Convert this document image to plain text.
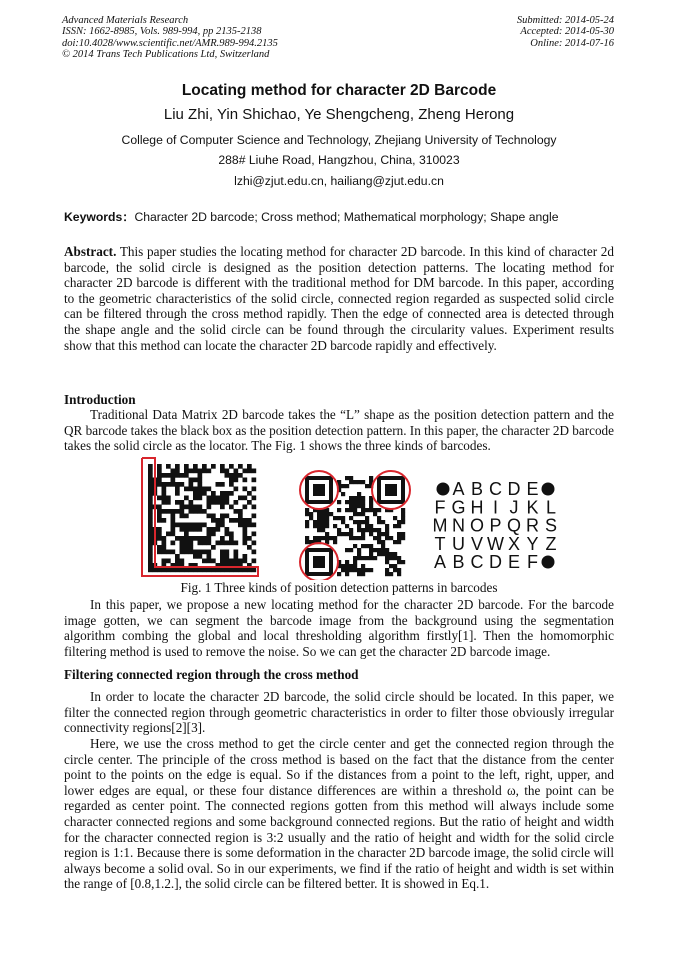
Advanced Materials Research
ISSN: 1662-8985, Vols. 989-994, pp 2135-2138
doi:10.4028/www.scientific.net/AMR.989-994.2135
© 2014 Trans Tech Publications Ltd, Switzerland
Submitted: 2014-05-24
Accepted: 2014-05-30
Online: 2014-07-16
Locating method for character 2D Barcode
Liu Zhi, Yin Shichao, Ye Shengcheng, Zheng Herong
College of Computer Science and Technology, Zhejiang University of Technology
288# Liuhe Road, Hangzhou, China, 310023
lzhi@zjut.edu.cn, hailiang@zjut.edu.cn
Keywords：Character 2D barcode; Cross method; Mathematical morphology; Shape angle

Abstract. This paper studies the locating method for character 2D barcode. In this kind of character 2d barcode, the solid circle is designed as the position detection patterns. The locating method for character 2D barcode is different with the traditional method for DM barcode. In this paper, according to the geometric characteristics of the solid circle, connected region regarded as suspected solid circle can be filtered through the cross method rapidly. Then the edge of connected area is detected through the shape angle and the solid circle can be found through the circularity values. Experiment results show that this method can locate the character 2D barcode rapidly and effectively.

Introduction

Traditional Data Matrix 2D barcode takes the “L” shape as the position detection pattern and the QR barcode takes the black box as the position detection pattern. In this paper, the character 2D barcode takes the solid circle as the locator. The Fig. 1 shows the three kinds of barcodes.

A B C D E
F G H I J K L
M N O P Q R S
T U V W X Y Z
A B C D E F
Fig. 1 Three kinds of position detection patterns in barcodes

In this paper, we propose a new locating method for the character 2D barcode. For the barcode image gotten, we can segment the barcode image from the background using the segmentation algorithm combing the global and local thresholding algorithm firstly[1]. Then the homomorphic filtering method is used to remove the noise. So we can get the character 2D barcode image.

Filtering connected region through the cross method

In order to locate the character 2D barcode, the solid circle should be located. In this paper, we filter the connected region through geometric characteristics in order to filter those obviously irregular connectivity regions[2][3].

Here, we use the cross method to get the circle center and get the connected region through the circle center. The principle of the cross method is based on the fact that the distance from the center point to the points on the edge is equal. So if the distances from a point to the left, right, upper, and lower edges are equal, or these four distance differences are within a threshold ω, the point can be regarded as center point. The connected regions gotten from this method will always include some character connected regions and some background connected regions. But the ratio of height and width for the character connected region is 3:2 usually and the ratio of height and width for the solid circle region is 1:1. Because there is some deformation in the character 2D barcode image, the solid circle will always become a solid oval. So in our experiments, we find if the ratio of height and width is set within the range of [0.8,1.2.], the solid circle can be filtered better. It is showed in Eq.1.
